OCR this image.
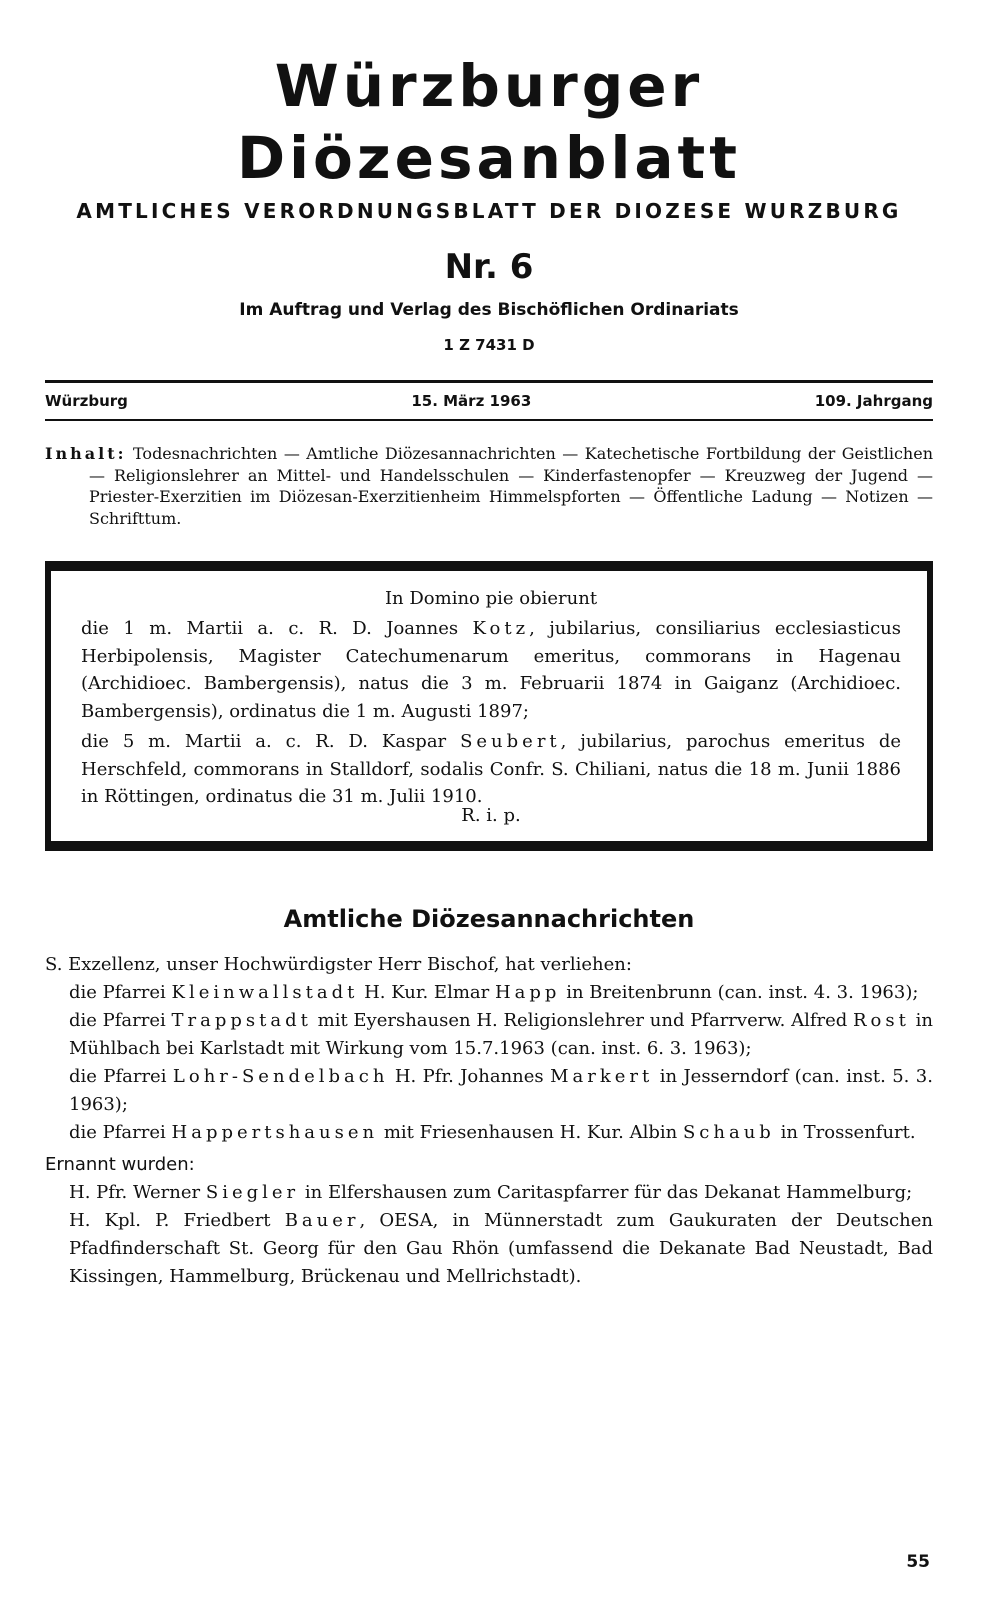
Würzburger Diözesanblatt
AMTLICHES VERORDNUNGSBLATT DER DIOZESE WURZBURG
Nr. 6
Im Auftrag und Verlag des Bischöflichen Ordinariats
1 Z 7431 D
Würzburg	15. März 1963	109. Jahrgang
Inhalt: Todesnachrichten — Amtliche Diözesannachrichten — Katechetische Fortbildung der Geistlichen — Religionslehrer an Mittel- und Handelsschulen — Kinderfastenopfer — Kreuzweg der Jugend — Priester-Exerzitien im Diözesan-Exerzitienheim Himmelspforten — Öffentliche Ladung — Notizen — Schrifttum.
In Domino pie obierunt
die 1 m. Martii a. c. R. D. Joannes Kotz, jubilarius, consiliarius ecclesiasticus Herbipolensis, Magister Catechumenarum emeritus, commorans in Hagenau (Archidioec. Bambergensis), natus die 3 m. Februarii 1874 in Gaiganz (Archidioec. Bambergensis), ordinatus die 1 m. Augusti 1897;
die 5 m. Martii a. c. R. D. Kaspar Seubert, jubilarius, parochus emeritus de Herschfeld, commorans in Stalldorf, sodalis Confr. S. Chiliani, natus die 18 m. Junii 1886 in Röttingen, ordinatus die 31 m. Julii 1910.
R. i. p.
Amtliche Diözesannachrichten
S. Exzellenz, unser Hochwürdigster Herr Bischof, hat verliehen:
die Pfarrei Kleinwallstadt H. Kur. Elmar Happ in Breitenbrunn (can. inst. 4. 3. 1963);
die Pfarrei Trappstadt mit Eyershausen H. Religionslehrer und Pfarrverw. Alfred Rost in Mühlbach bei Karlstadt mit Wirkung vom 15.7.1963 (can. inst. 6. 3. 1963);
die Pfarrei Lohr-Sendelbach H. Pfr. Johannes Markert in Jesserndorf (can. inst. 5. 3. 1963);
die Pfarrei Happertshausen mit Friesenhausen H. Kur. Albin Schaub in Trossenfurt.
Ernannt wurden:
H. Pfr. Werner Siegler in Elfershausen zum Caritaspfarrer für das Dekanat Hammelburg;
H. Kpl. P. Friedbert Bauer, OESA, in Münnerstadt zum Gaukuraten der Deutschen Pfadfinderschaft St. Georg für den Gau Rhön (umfassend die Dekanate Bad Neustadt, Bad Kissingen, Hammelburg, Brückenau und Mellrichstadt).
55
